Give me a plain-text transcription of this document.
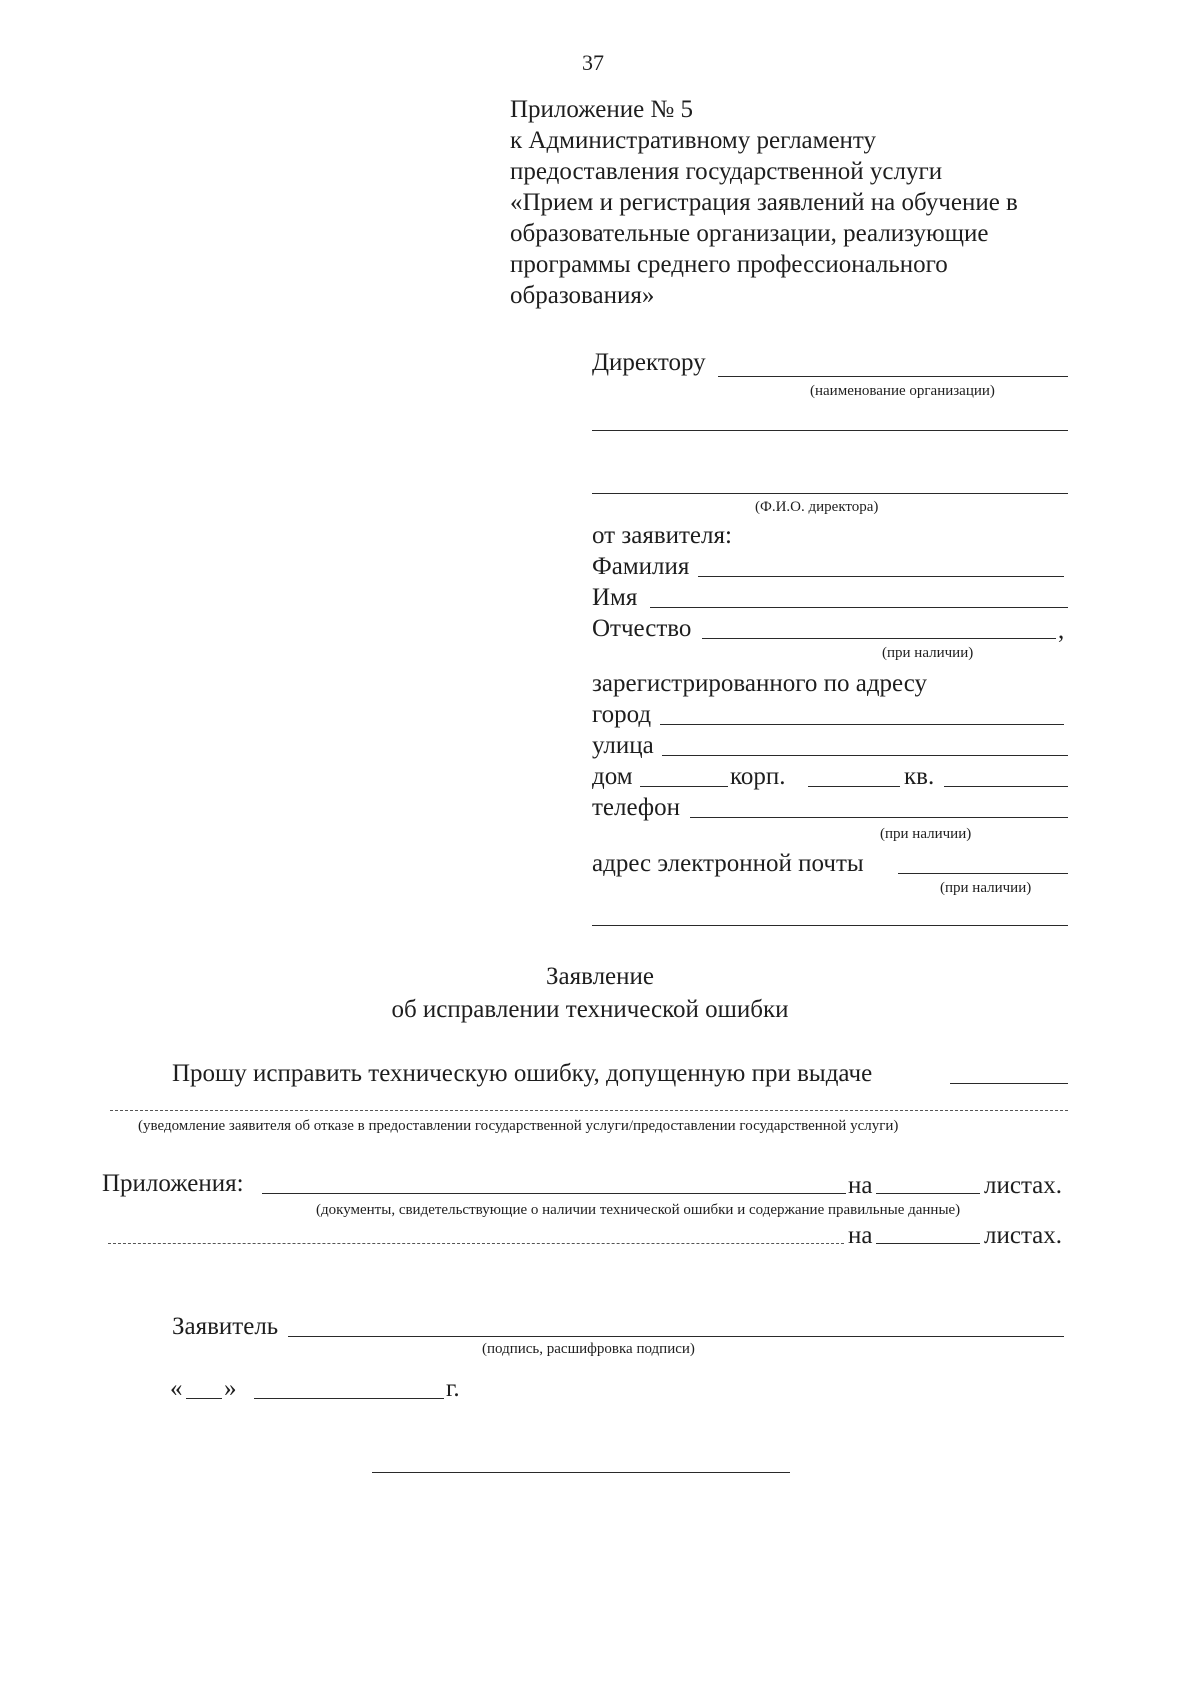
37
Приложение № 5
к Административному регламенту
предоставления государственной услуги
«Прием и регистрация заявлений на обучение в
образовательные организации, реализующие
программы среднего профессионального
образования»
Директору
(наименование организации)
(Ф.И.О. директора)
от заявителя:
Фамилия
Имя
Отчество	,
(при наличии)
зарегистрированного по адресу
город
улица
дом	корп.	кв.
телефон
(при наличии)
адрес электронной почты
(при наличии)
Заявление
об исправлении технической ошибки
Прошу исправить техническую ошибку, допущенную при выдаче
(уведомление заявителя об отказе в предоставлении государственной услуги/предоставлении государственной услуги)
Приложения:	на	листах.
(документы, свидетельствующие о наличии технической ошибки и содержание правильные данные)
на	листах.
Заявитель
(подпись, расшифровка подписи)
« »	г.
